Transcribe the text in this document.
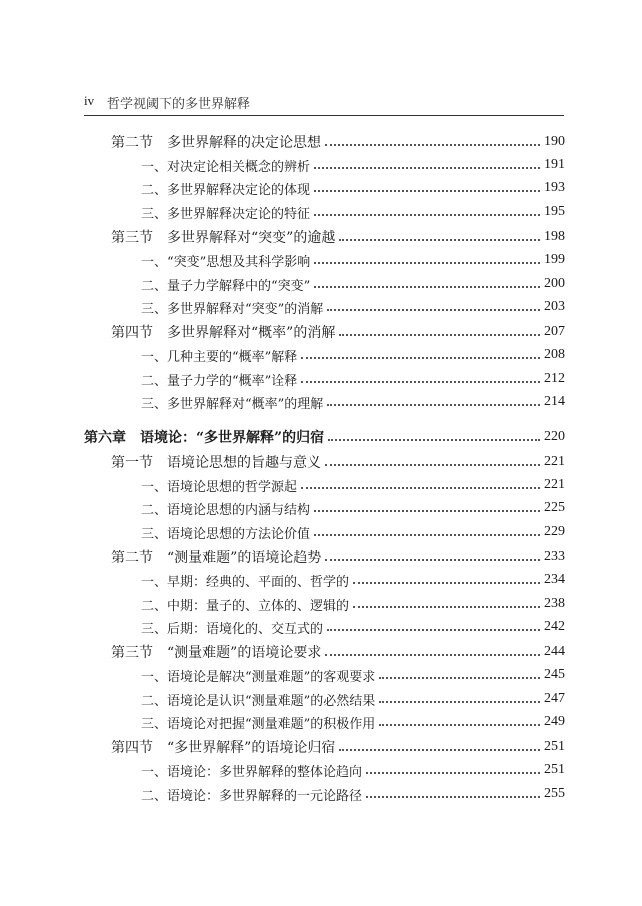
iv 哲学视阈下的多世界解释
第二节　多世界解释的决定论思想	190
一、对决定论相关概念的辨析	191
二、多世界解释决定论的体现	193
三、多世界解释决定论的特征	195
第三节　多世界解释对“突变”的逾越	198
一、“突变”思想及其科学影响	199
二、量子力学解释中的“突变”	200
三、多世界解释对“突变”的消解	203
第四节　多世界解释对“概率”的消解	207
一、几种主要的“概率”解释	208
二、量子力学的“概率”诠释	212
三、多世界解释对“概率”的理解	214
第六章　语境论：“多世界解释”的归宿	220
第一节　语境论思想的旨趣与意义	221
一、语境论思想的哲学源起	221
二、语境论思想的内涵与结构	225
三、语境论思想的方法论价值	229
第二节　“测量难题”的语境论趋势	233
一、早期：经典的、平面的、哲学的	234
二、中期：量子的、立体的、逻辑的	238
三、后期：语境化的、交互式的	242
第三节　“测量难题”的语境论要求	244
一、语境论是解决“测量难题”的客观要求	245
二、语境论是认识“测量难题”的必然结果	247
三、语境论对把握“测量难题”的积极作用	249
第四节　“多世界解释”的语境论归宿	251
一、语境论：多世界解释的整体论趋向	251
二、语境论：多世界解释的一元论路径	255
